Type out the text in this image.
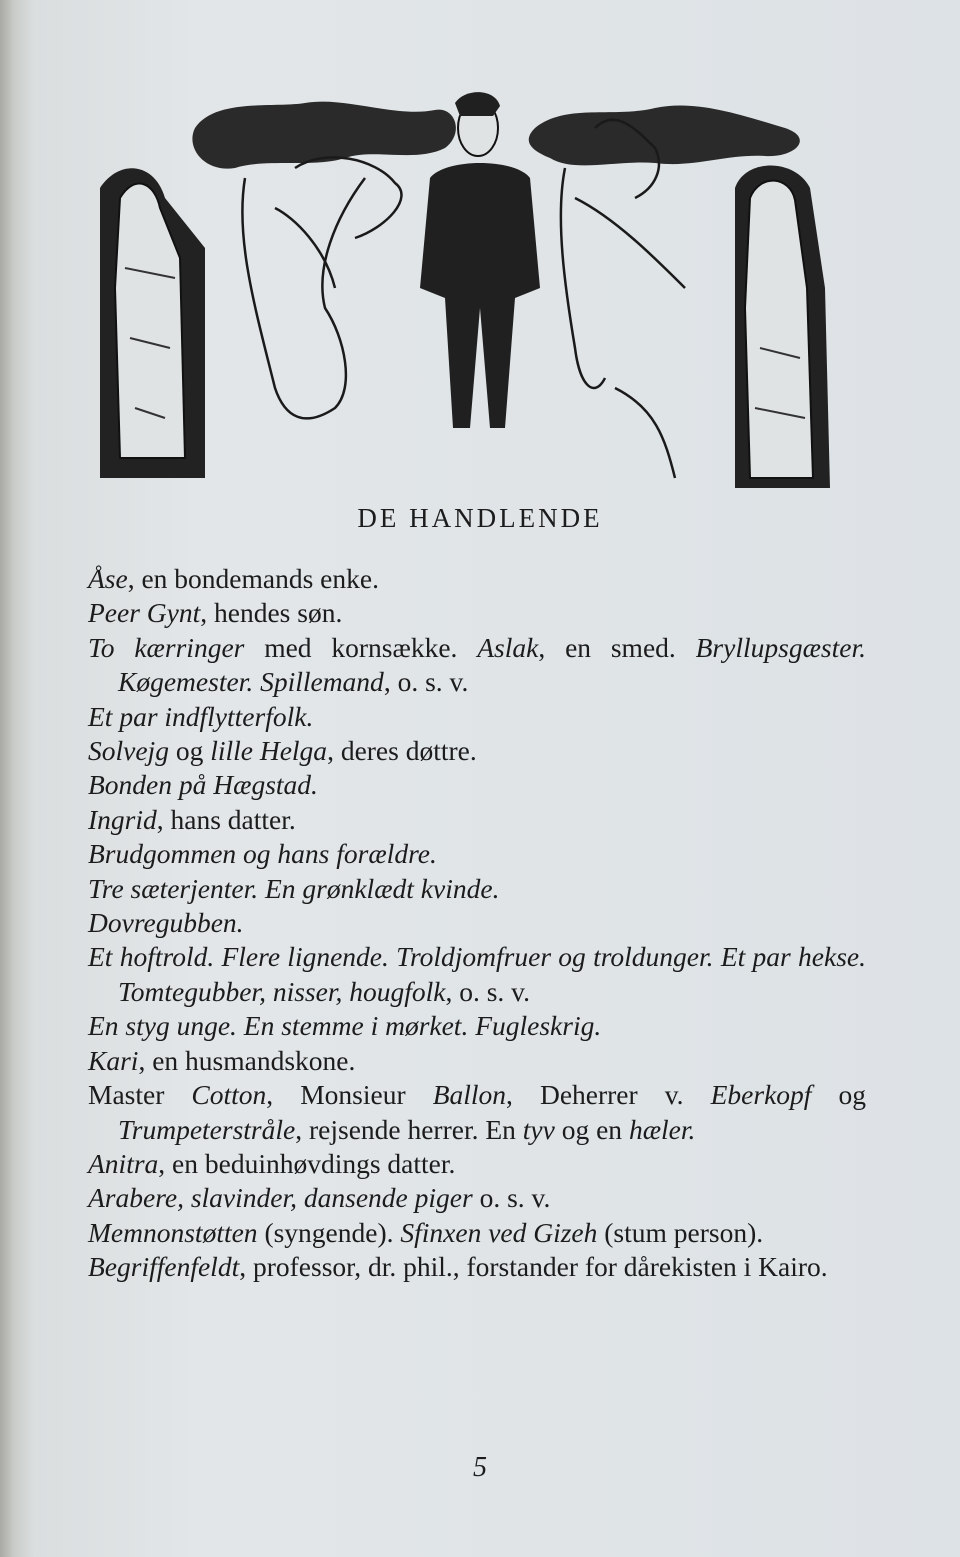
DE HANDLENDE
Åse, en bondemands enke.
Peer Gynt, hendes søn.
To kærringer med kornsække. Aslak, en smed. Bryllupsgæster. Køgemester. Spillemand, o. s. v.
Et par indflytterfolk.
Solvejg og lille Helga, deres døttre.
Bonden på Hægstad.
Ingrid, hans datter.
Brudgommen og hans forældre.
Tre sæterjenter. En grønklædt kvinde.
Dovregubben.
Et hoftrold. Flere lignende. Troldjomfruer og troldunger. Et par hekse. Tomtegubber, nisser, hougfolk, o. s. v.
En styg unge. En stemme i mørket. Fugleskrig.
Kari, en husmandskone.
Master Cotton, Monsieur Ballon, Deherrer v. Eberkopf og Trumpeterstråle, rejsende herrer. En tyv og en hæler.
Anitra, en beduinhøvdings datter.
Arabere, slavinder, dansende piger o. s. v.
Memnonstøtten (syngende). Sfinxen ved Gizeh (stum person).
Begriffenfeldt, professor, dr. phil., forstander for dårekisten i Kairo.
5
